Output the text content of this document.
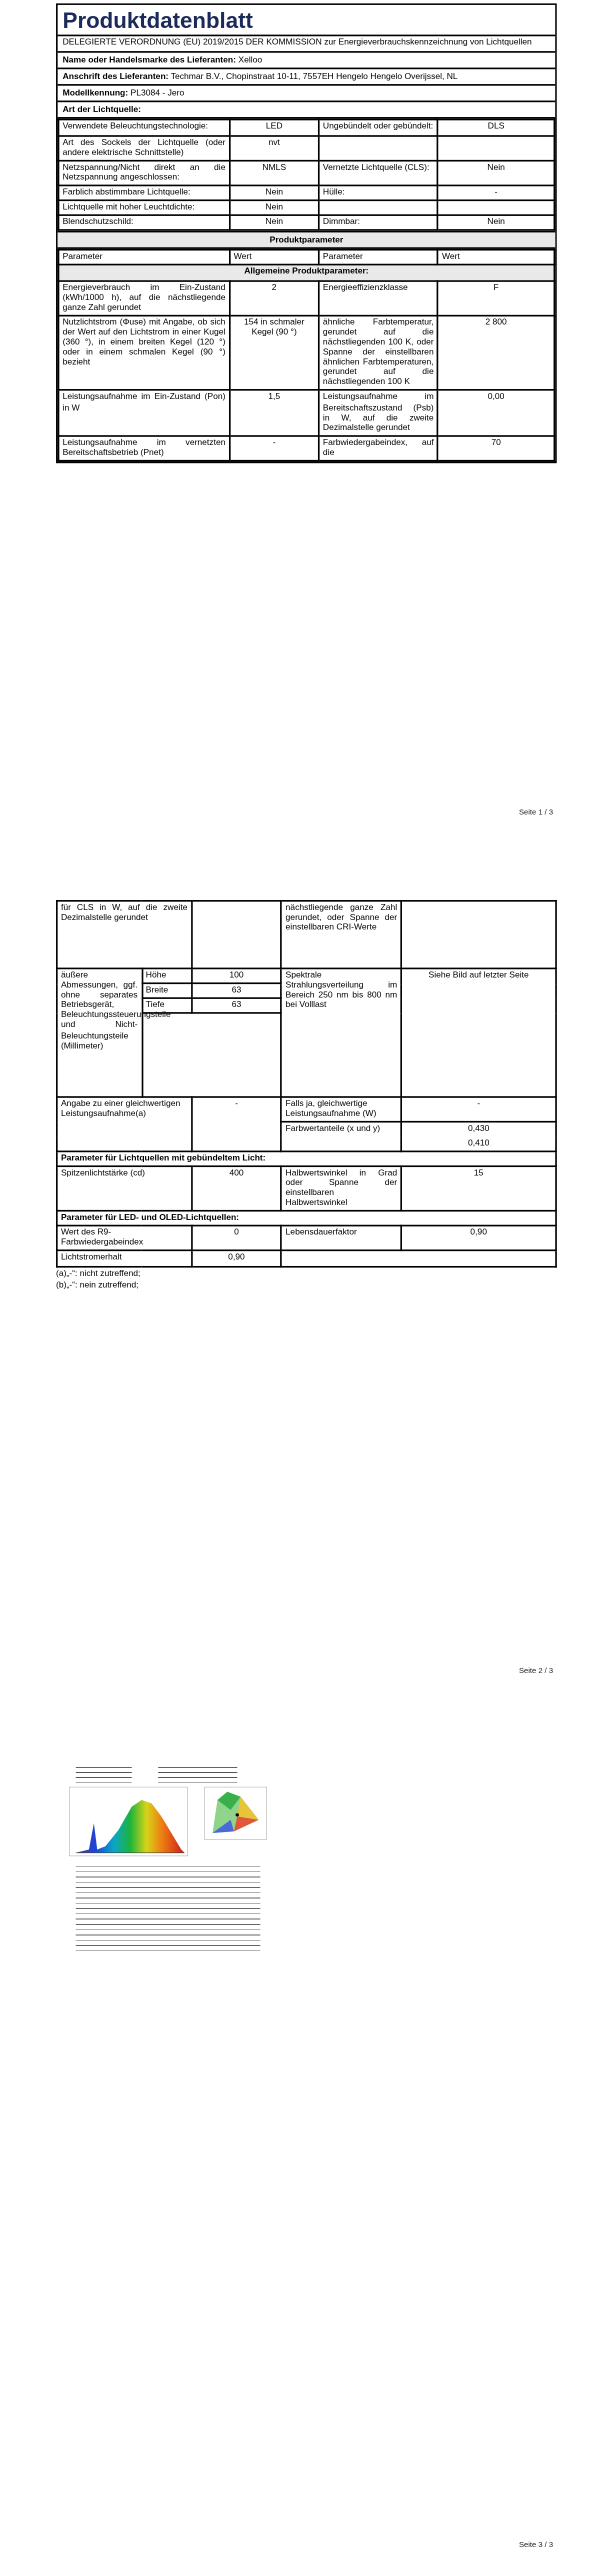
Produktdatenblatt
DELEGIERTE VERORDNUNG (EU) 2019/2015 DER KOMMISSION zur Energieverbrauchskennzeichnung von Lichtquellen
Name oder Handelsmarke des Lieferanten: Xelloo
Anschrift des Lieferanten: Techmar B.V., Chopinstraat 10-11, 7557EH Hengelo Hengelo Overijssel, NL
Modellkennung: PL3084 - Jero
Art der Lichtquelle:
Verwendete Beleuchtungstechnologie:	LED	Ungebündelt oder gebündelt:	DLS
Art des Sockels der Lichtquelle (oder andere elektrische Schnittstelle)	nvt		
Netzspannung/Nicht direkt an die Netzspannung angeschlossen:	NMLS	Vernetzte Lichtquelle (CLS):	Nein
Farblich abstimmbare Lichtquelle:	Nein	Hülle:	-
Lichtquelle mit hoher Leuchtdichte:	Nein		
Blendschutzschild:	Nein	Dimmbar:	Nein
Produktparameter
Parameter	Wert	Parameter	Wert
Allgemeine Produktparameter:			
Energieverbrauch im Ein-Zustand (kWh/1000 h), auf die nächstliegende ganze Zahl gerundet	2	Energieeffizienzklasse	F
Nutzlichtstrom (Φuse) mit Angabe, ob sich der Wert auf den Lichtstrom in einer Kugel (360 °), in einem breiten Kegel (120 °) oder in einem schmalen Kegel (90 °) bezieht	154 in schmaler Kegel (90 °)	ähnliche Farbtemperatur, gerundet auf die nächstliegenden 100 K, oder Spanne der einstellbaren ähnlichen Farbtemperaturen, gerundet auf die nächstliegenden 100 K	2 800
Leistungsaufnahme im Ein-Zustand (Pon) in W	1,5	Leistungsaufnahme im Bereitschaftszustand (Psb) in W, auf die zweite Dezimalstelle gerundet	0,00
Leistungsaufnahme im vernetzten Bereitschaftsbetrieb (Pnet)	-	Farbwiedergabeindex, auf die	70
Seite 1 / 3
für CLS in W, auf die zweite Dezimalstelle gerundet			nächstliegende ganze Zahl gerundet, oder Spanne der einstellbaren CRI-Werte	
äußere Abmessungen, ggf. ohne separates Betriebsgerät, Beleuchtungssteuerungsteile und Nicht-Beleuchtungsteile (Millimeter)	Höhe	100	Spektrale Strahlungsverteilung im Bereich 250 nm bis 800 nm bei Volllast	Siehe Bild auf letzter Seite
	Breite	63		
	Tiefe	63		

Angabe zu einer gleichwertigen Leistungsaufnahme(a)		-	Falls ja, gleichwertige Leistungsaufnahme (W)	-
			Farbwertanteile (x und y)	0,430
				0,410
Parameter für Lichtquellen mit gebündeltem Licht:				
Spitzenlichtstärke (cd)		400	Halbwertswinkel in Grad oder Spanne der einstellbaren Halbwertswinkel	15
Parameter für LED- und OLED-Lichtquellen:				
Wert des R9-Farbwiedergabeindex		0	Lebensdauerfaktor	0,90
Lichtstromerhalt		0,90		
(a)„-“: nicht zutreffend;
(b)„-“: nein zutreffend;
Seite 2 / 3
Seite 3 / 3
